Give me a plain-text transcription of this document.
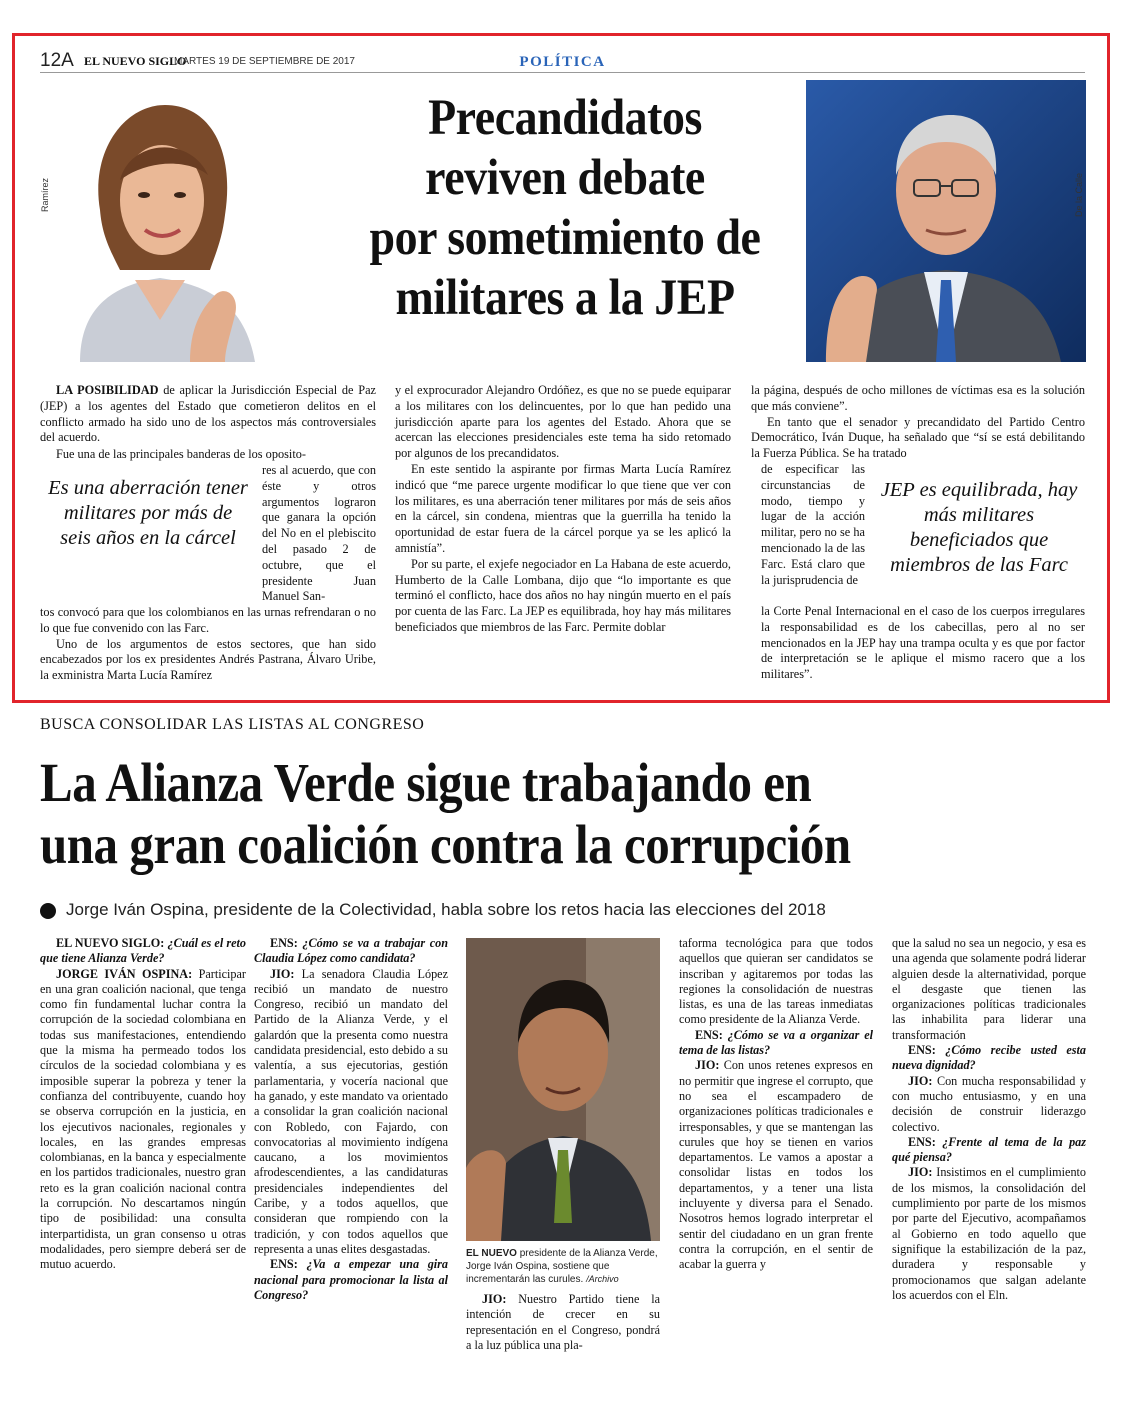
12A EL NUEVO SIGLO
MARTES 19 DE SEPTIEMBRE DE 2017	POLÍTICA
Ramírez	De la Calle
Precandidatos
reviven debate
por sometimiento de
militares a la JEP

LA POSIBILIDAD de aplicar la Jurisdicción Especial de Paz (JEP) a los agentes del Estado que cometieron delitos en el conflicto armado ha sido uno de los aspectos más controversiales del acuerdo.

Fue una de las principales banderas de los oposito-

res al acuerdo, que con éste y otros argumentos lograron que ganara la opción del No en el plebiscito del pasado 2 de octubre, que el presidente Juan Manuel San-
Es una aberración tener militares por más de seis años en la cárcel

tos convocó para que los colombianos en las urnas refrendaran o no lo que fue convenido con las Farc.

Uno de los argumentos de estos sectores, que han sido encabezados por los ex presidentes Andrés Pastrana, Álvaro Uribe, la exministra Marta Lucía Ramírez

y el exprocurador Alejandro Ordóñez, es que no se puede equiparar a los militares con los delincuentes, por lo que han pedido una jurisdicción aparte para los agentes del Estado. Ahora que se acercan las elecciones presidenciales este tema ha sido retomado por algunos de los precandidatos.

En este sentido la aspirante por firmas Marta Lucía Ramírez indicó que “me parece urgente modificar lo que tiene que ver con los militares, es una aberración tener militares por más de seis años en la cárcel, sin condena, mientras que la guerrilla ha tenido la oportunidad de estar fuera de la cárcel porque ya se les aplicó la amnistía”.

Por su parte, el exjefe negociador en La Habana de este acuerdo, Humberto de la Calle Lombana, dijo que “lo importante es que terminó el conflicto, hace dos años no hay ningún muerto en el país por cuenta de las Farc. La JEP es equilibrada, hoy hay más militares beneficiados que miembros de las Farc. Permite doblar

la página, después de ocho millones de víctimas esa es la solución que más conviene”.

En tanto que el senador y precandidato del Partido Centro Democrático, Iván Duque, ha señalado que “sí se está debilitando la Fuerza Pública. Se ha tratado

de especificar las circunstancias de modo, tiempo y lugar de la acción militar, pero no se ha mencionado la de las Farc. Está claro que la jurisprudencia de
JEP es equilibrada, hay más militares beneficiados que miembros de las Farc
la Corte Penal Internacional en el caso de los cuerpos irregulares la responsabilidad es de los cabecillas, pero al no ser mencionados en la JEP hay una trampa oculta y es que por factor de interpretación se le aplique el mismo racero que a los militares”.
BUSCA CONSOLIDAR LAS LISTAS AL CONGRESO
La Alianza Verde sigue trabajando en
una gran coalición contra la corrupción
Jorge Iván Ospina, presidente de la Colectividad, habla sobre los retos hacia las elecciones del 2018

EL NUEVO SIGLO: ¿Cuál es el reto que tiene Alianza Verde?

JORGE IVÁN OSPINA: Participar en una gran coalición nacional, que tenga como fin fundamental luchar contra la corrupción de la sociedad colombiana en todas sus manifestaciones, entendiendo que la misma ha permeado todos los círculos de la sociedad colombiana y es imposible superar la pobreza y tener la confianza del contribuyente, cuando hoy se observa corrupción en la justicia, en los ejecutivos nacionales, regionales y locales, en las grandes empresas colombianas, en la banca y especialmente en los partidos tradicionales, nuestro gran reto es la gran coalición nacional contra la corrupción. No descartamos ningún tipo de posibilidad: una consulta interpartidista, un gran consenso u otras modalidades, pero siempre deberá ser de mutuo acuerdo.

ENS: ¿Cómo se va a trabajar con Claudia López como candidata?

JIO: La senadora Claudia López recibió un mandato de nuestro Congreso, recibió un mandato del Partido de la Alianza Verde, y el galardón que la presenta como nuestra candidata presidencial, esto debido a su valentía, a sus ejecutorias, gestión parlamentaria, y vocería nacional que ha ganado, y este mandato va orientado a consolidar la gran coalición nacional con Robledo, con Fajardo, con convocatorias al movimiento indígena caucano, a los movimientos afrodescendientes, a las candidaturas presidenciales independientes del Caribe, y a todos aquellos, que consideran que rompiendo con la tradición, y con todos aquellos que representa a unas elites desgastadas.

ENS: ¿Va a empezar una gira nacional para promocionar la lista al Congreso?

EL NUEVO presidente de la Alianza Verde, Jorge Iván Ospina, sostiene que incrementarán las curules. /Archivo

JIO: Nuestro Partido tiene la intención de crecer en su representación en el Congreso, pondrá a la luz pública una pla-

taforma tecnológica para que todos aquellos que quieran ser candidatos se inscriban y agitaremos por todas las regiones la consolidación de nuestras listas, es una de las tareas inmediatas como presidente de la Alianza Verde.

ENS: ¿Cómo se va a organizar el tema de las listas?

JIO: Con unos retenes expresos en no permitir que ingrese el corrupto, que no sea el escampadero de organizaciones políticas tradicionales e irresponsables, y que se mantengan las curules que hoy se tienen en varios departamentos. Le vamos a apostar a consolidar listas en todos los departamentos, y a tener una lista incluyente y diversa para el Senado. Nosotros hemos logrado interpretar el sentir del ciudadano en un gran frente contra la corrupción, en el sentir de acabar la guerra y

que la salud no sea un negocio, y esa es una agenda que solamente podrá liderar alguien desde la alternatividad, porque el desgaste que tienen las organizaciones políticas tradicionales las inhabilita para liderar una transformación

ENS: ¿Cómo recibe usted esta nueva dignidad?

JIO: Con mucha responsabilidad y con mucho entusiasmo, y en una decisión de construir liderazgo colectivo.

ENS: ¿Frente al tema de la paz qué piensa?

JIO: Insistimos en el cumplimiento de los mismos, la consolidación del cumplimiento por parte de los mismos por parte del Ejecutivo, acompañamos al Gobierno en todo aquello que signifique la estabilización de la paz, duradera y responsable y promocionamos que salgan adelante los acuerdos con el Eln.
